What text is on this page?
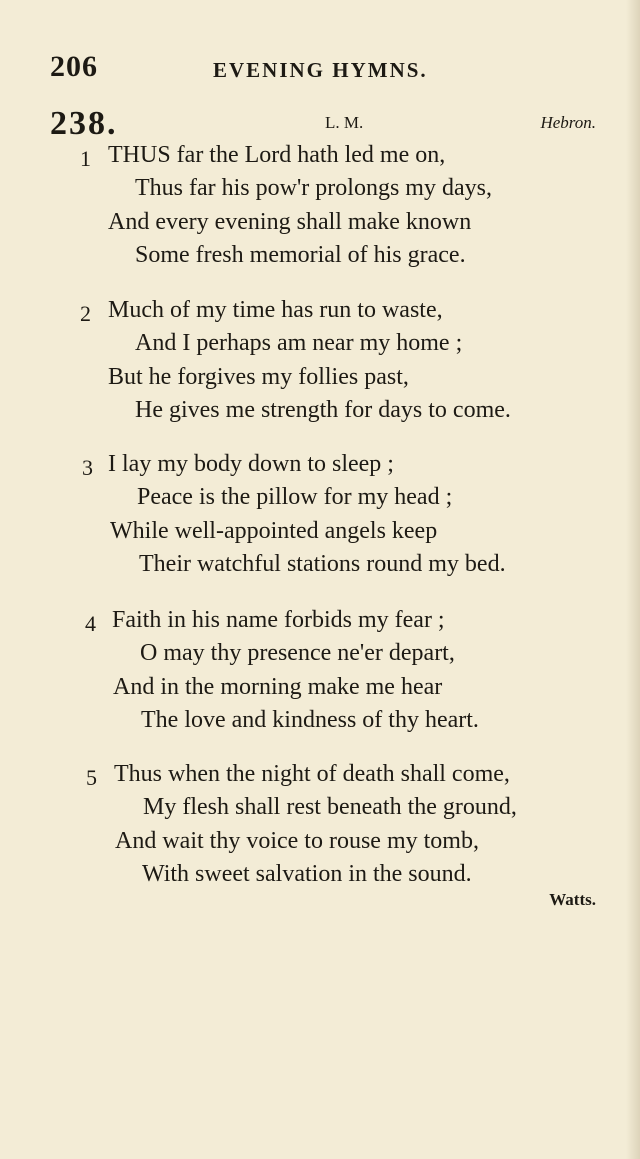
206	EVENING HYMNS.
238.	L. M.	Hebron.
1 THUS far the Lord hath led me on,
Thus far his pow'r prolongs my days,
And every evening shall make known
Some fresh memorial of his grace.
2 Much of my time has run to waste,
And I perhaps am near my home ;
But he forgives my follies past,
He gives me strength for days to come.
3 I lay my body down to sleep ;
Peace is the pillow for my head ;
While well-appointed angels keep
Their watchful stations round my bed.
4 Faith in his name forbids my fear ;
O may thy presence ne'er depart,
And in the morning make me hear
The love and kindness of thy heart.
5 Thus when the night of death shall come,
My flesh shall rest beneath the ground,
And wait thy voice to rouse my tomb,
With sweet salvation in the sound.
Watts.
